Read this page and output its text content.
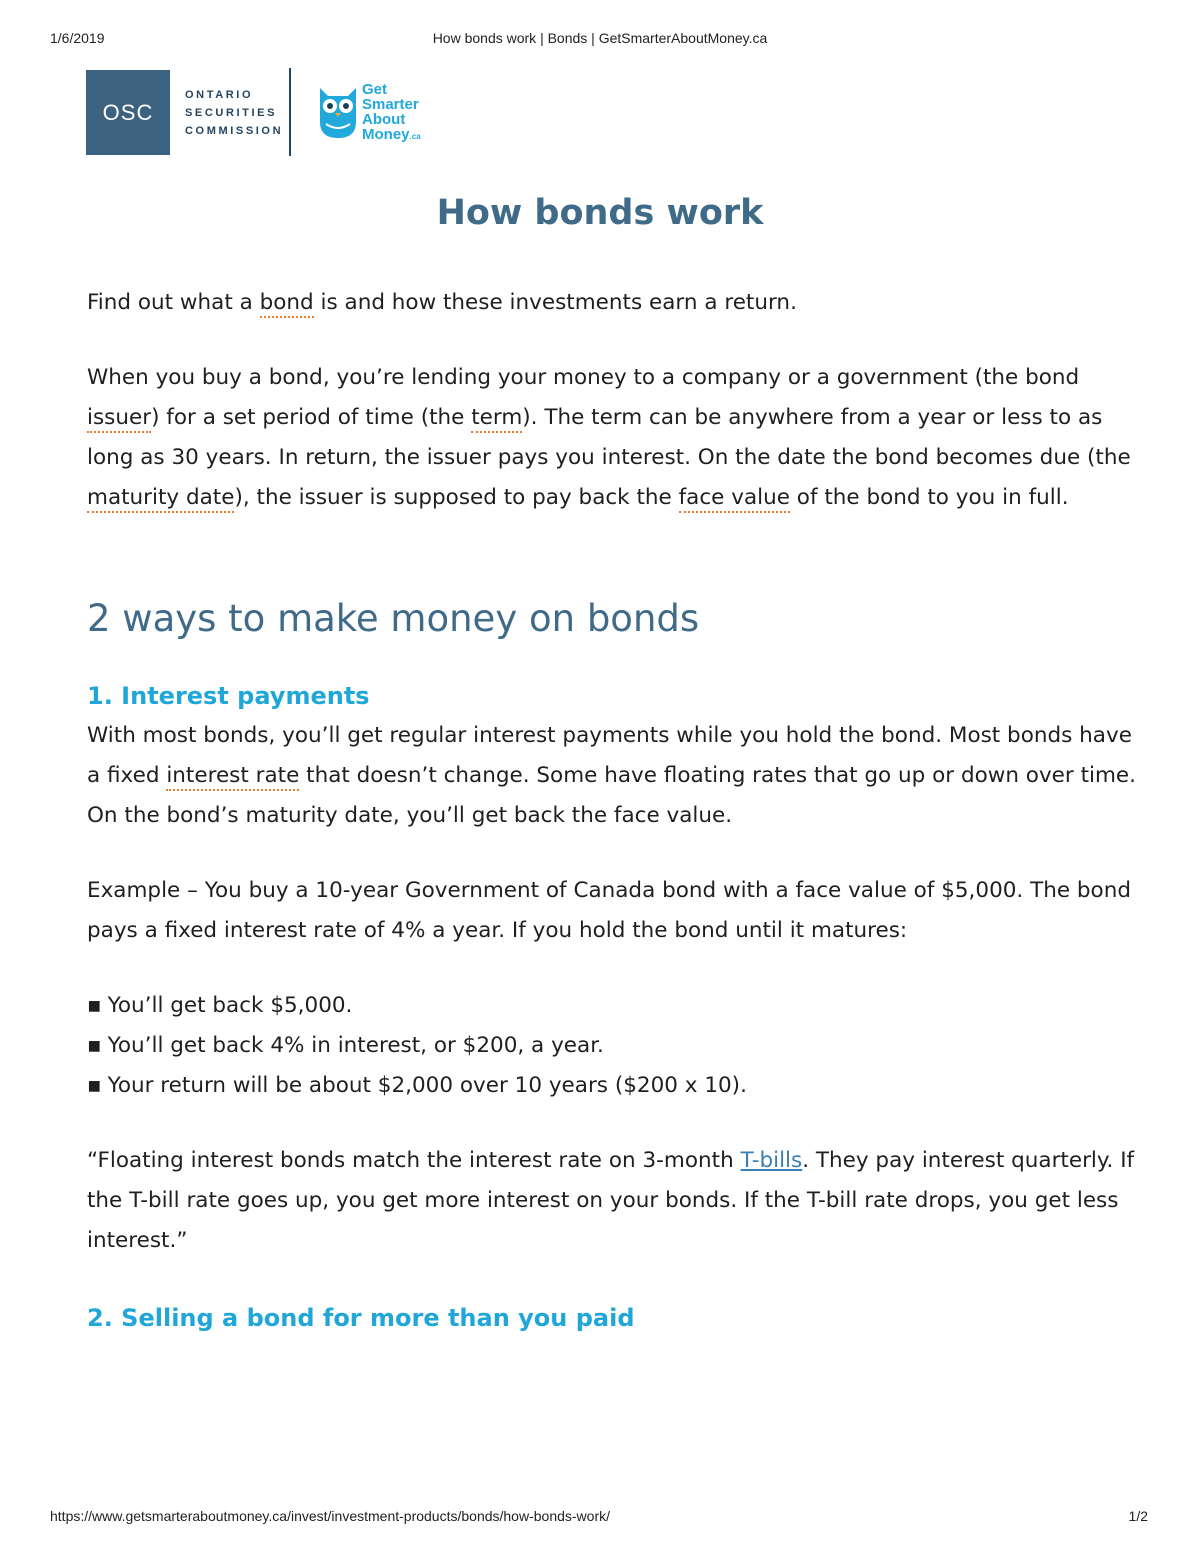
1/6/2019	How bonds work | Bonds | GetSmarterAboutMoney.ca
OSC
ONTARIO
SECURITIES
COMMISSION
Get
Smarter
About
Money.ca
How bonds work

Find out what a bond is and how these investments earn a return.

When you buy a bond, you’re lending your money to a company or a government (the bond issuer) for a set period of time (the term). The term can be anywhere from a year or less to as long as 30 years. In return, the issuer pays you interest. On the date the bond becomes due (the maturity date), the issuer is supposed to pay back the face value of the bond to you in full.

2 ways to make money on bonds
1. Interest payments

With most bonds, you’ll get regular interest payments while you hold the bond. Most bonds have a fixed interest rate that doesn’t change. Some have floating rates that go up or down over time. On the bond’s maturity date, you’ll get back the face value.

Example – You buy a 10-year Government of Canada bond with a face value of $5,000. The bond pays a fixed interest rate of 4% a year. If you hold the bond until it matures:

▪ You’ll get back $5,000.
▪ You’ll get back 4% in interest, or $200, a year.
▪ Your return will be about $2,000 over 10 years ($200 x 10).

“Floating interest bonds match the interest rate on 3-month T-bills. They pay interest quarterly. If the T-bill rate goes up, you get more interest on your bonds. If the T-bill rate drops, you get less interest.”

2. Selling a bond for more than you paid
https://www.getsmarteraboutmoney.ca/invest/investment-products/bonds/how-bonds-work/	1/2
